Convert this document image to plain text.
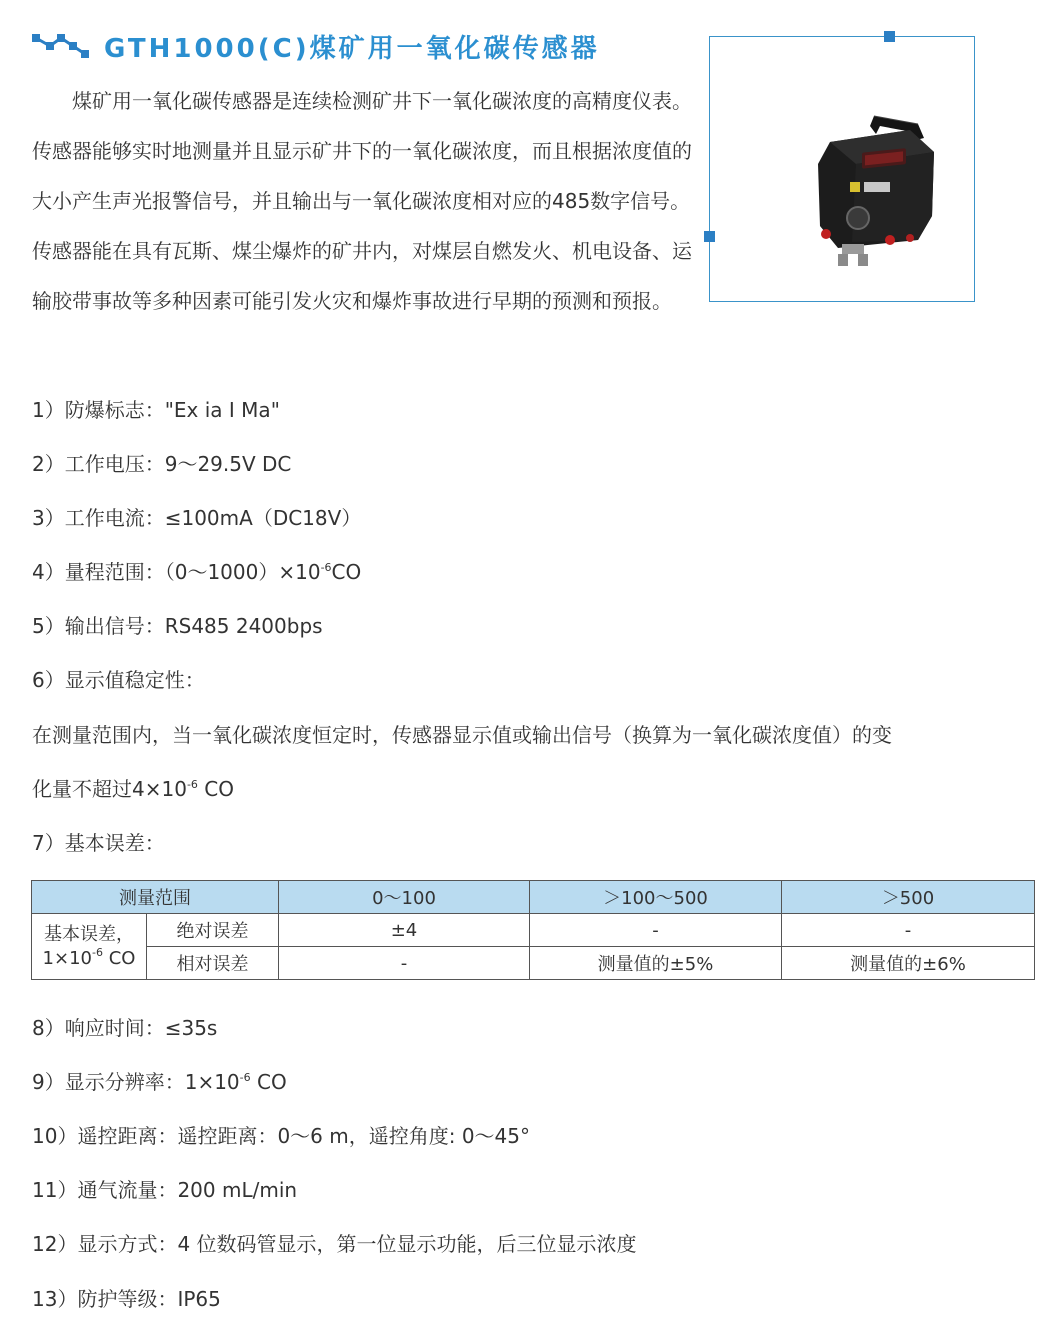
GTH1000(C)煤矿用一氧化碳传感器

煤矿用一氧化碳传感器是连续检测矿井下一氧化碳浓度的高精度仪表。传感器能够实时地测量并且显示矿井下的一氧化碳浓度，而且根据浓度值的大小产生声光报警信号，并且输出与一氧化碳浓度相对应的485数字信号。传感器能在具有瓦斯、煤尘爆炸的矿井内，对煤层自燃发火、机电设备、运输胶带事故等多种因素可能引发火灾和爆炸事故进行早期的预测和预报。

1）防爆标志："Ex ia I Ma"

2）工作电压：9～29.5V DC

3）工作电流：≤100mA（DC18V）

4）量程范围：$(0\sim 1000)\times 10^{-6}CO$

5）输出信号：RS485 2400bps

6）显示值稳定性：

在测量范围内，当一氧化碳浓度恒定时，传感器显示值或输出信号（换算为一氧化碳浓度值）的变

化量不超过$4\times 10^{-6}$ CO

7）基本误差：

测量范围		0～100	＞100～500	＞500

基本误差，
$1\times 10^{-6}$ CO	绝对误差	±4	-	-
	相对误差	-	测量值的±5%	测量值的±6%

8）响应时间：≤35s

9）显示分辨率：$1\times 10^{-6}$ CO

10）遥控距离：遥控距离：0～6 m，遥控角度: 0～45°

11）通气流量：200 mL/min

12）显示方式：4 位数码管显示，第一位显示功能，后三位显示浓度

13）防护等级：IP65
